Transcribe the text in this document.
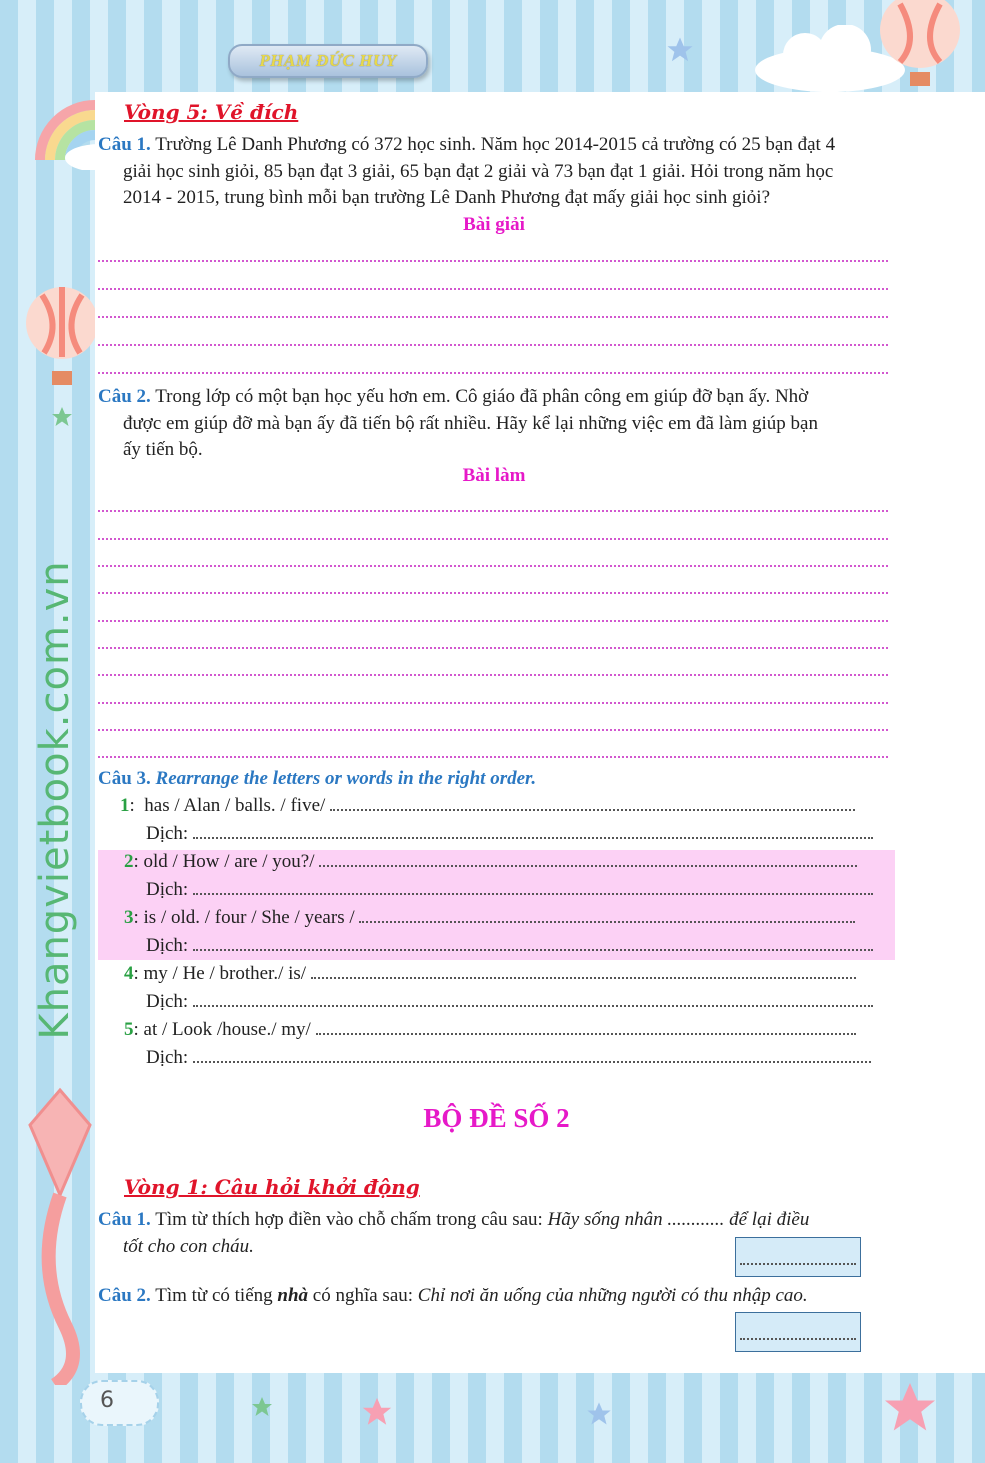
PHẠM ĐỨC HUY
Khangvietbook.com.vn
6
Vòng 5: Về đích
Câu 1. Trường Lê Danh Phương có 372 học sinh. Năm học 2014-2015 cả trường có 25 bạn đạt 4
giải học sinh giỏi, 85 bạn đạt 3 giải, 65 bạn đạt 2 giải và 73 bạn đạt 1 giải. Hỏi trong năm học
2014 - 2015, trung bình mỗi bạn trường Lê Danh Phương đạt mấy giải học sinh giỏi?
Bài giải
Câu 2. Trong lớp có một bạn học yếu hơn em. Cô giáo đã phân công em giúp đỡ bạn ấy. Nhờ
được em giúp đỡ mà bạn ấy đã tiến bộ rất nhiều. Hãy kể lại những việc em đã làm giúp bạn
ấy tiến bộ.
Bài làm
Câu 3. Rearrange the letters or words in the right order.
1:  has / Alan / balls. / five/
Dịch:
2: old / How / are / you?/
Dịch:
3: is / old. / four / She / years /
Dịch:
4: my / He / brother./ is/
Dịch:
5: at / Look /house./ my/
Dịch:
BỘ ĐỀ SỐ 2
Vòng 1: Câu hỏi khởi động
Câu 1. Tìm từ thích hợp điền vào chỗ chấm trong câu sau: Hãy sống nhân ............ để lại điều
tốt cho con cháu.
Câu 2. Tìm từ có tiếng nhà có nghĩa sau: Chỉ nơi ăn uống của những người có thu nhập cao.
